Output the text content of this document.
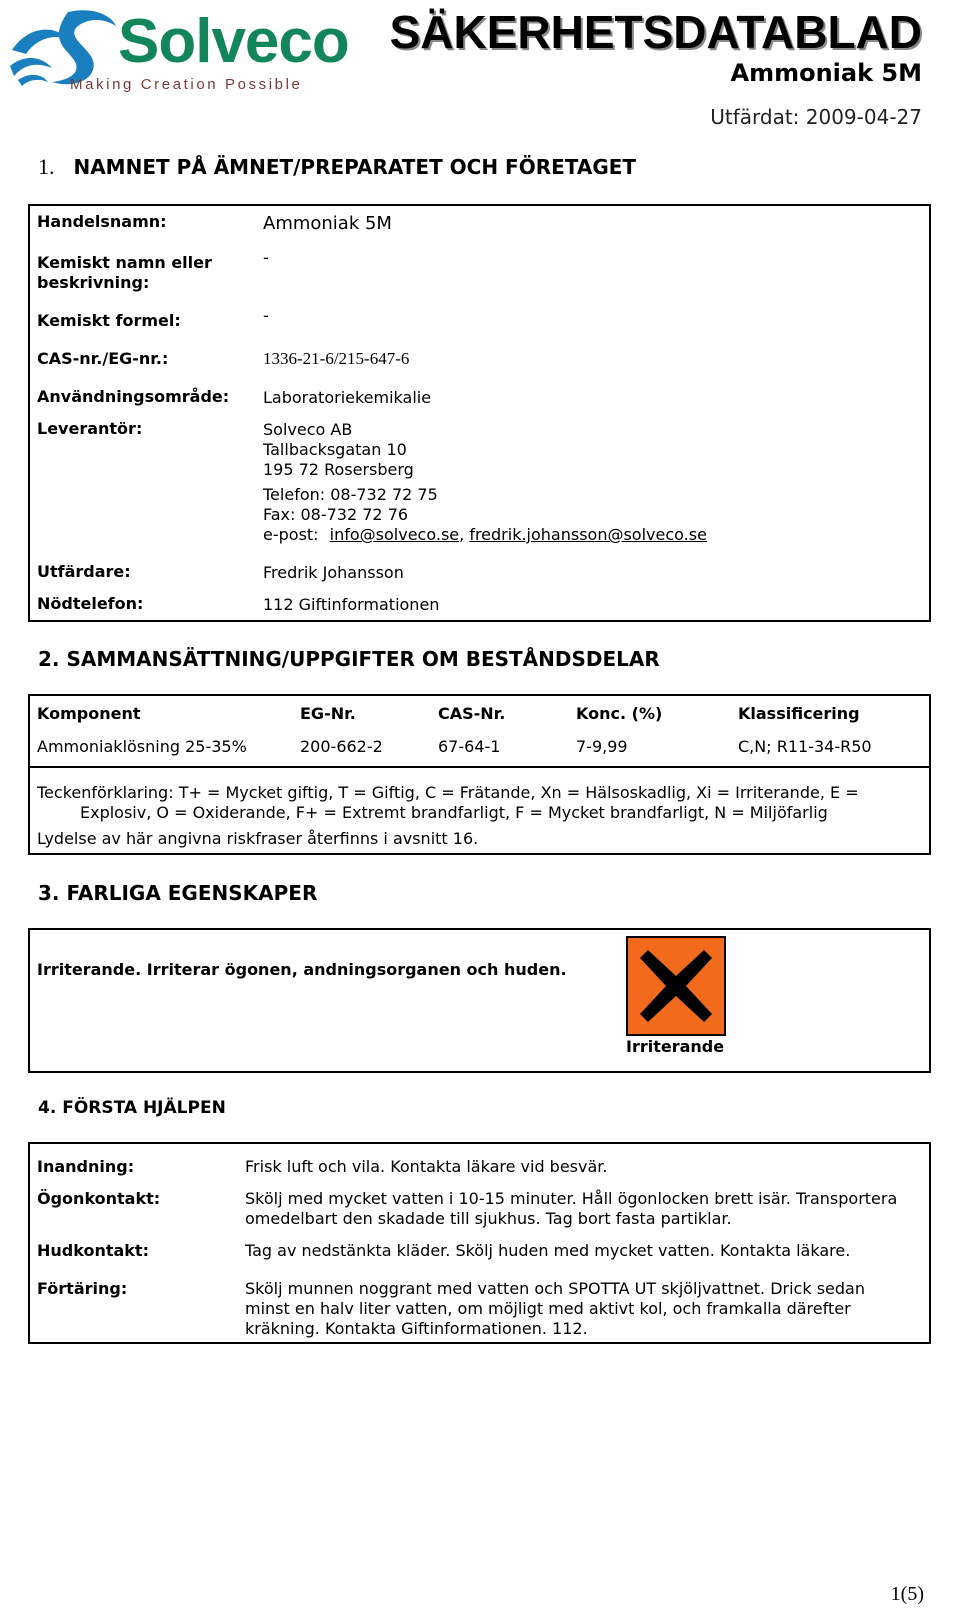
Solveco
Making Creation Possible
SÄKERHETSDATABLAD
Ammoniak 5M
Utfärdat: 2009-04-27
1. NAMNET PÅ ÄMNET/PREPARATET OCH FÖRETAGET
Handelsnamn:	Ammoniak 5M
Kemiskt namn eller
beskrivning:
-
Kemiskt formel:	-
CAS-nr./EG-nr.:	1336-21-6/215-647-6
Användningsområde: Laboratoriekemikalie
Leverantör:	Solveco AB
Tallbacksgatan 10
195 72 Rosersberg
Telefon: 08-732 72 75
Fax: 08-732 72 76
e-post: info@solveco.se, fredrik.johansson@solveco.se
Utfärdare:	Fredrik Johansson
Nödtelefon:	112 Giftinformationen
2. SAMMANSÄTTNING/UPPGIFTER OM BESTÅNDSDELAR
Komponent	EG-Nr.	CAS-Nr.	Konc. (%)	Klassificering
Ammoniaklösning 25-35%	200-662-2	67-64-1	7-9,99	C,N; R11-34-R50
Teckenförklaring: T+ = Mycket giftig, T = Giftig, C = Frätande, Xn = Hälsoskadlig, Xi = Irriterande, E =
Explosiv, O = Oxiderande, F+ = Extremt brandfarligt, F = Mycket brandfarligt, N = Miljöfarlig
Lydelse av här angivna riskfraser återfinns i avsnitt 16.
3. FARLIGA EGENSKAPER
Irriterande. Irriterar ögonen, andningsorganen och huden.
Irriterande
4. FÖRSTA HJÄLPEN
Inandning:	Frisk luft och vila. Kontakta läkare vid besvär.
Ögonkontakt:	Skölj med mycket vatten i 10-15 minuter. Håll ögonlocken brett isär. Transportera
omedelbart den skadade till sjukhus. Tag bort fasta partiklar.
Hudkontakt:	Tag av nedstänkta kläder. Skölj huden med mycket vatten. Kontakta läkare.
Förtäring:	Skölj munnen noggrant med vatten och SPOTTA UT skjöljvattnet. Drick sedan
minst en halv liter vatten, om möjligt med aktivt kol, och framkalla därefter
kräkning. Kontakta Giftinformationen. 112.
1(5)
